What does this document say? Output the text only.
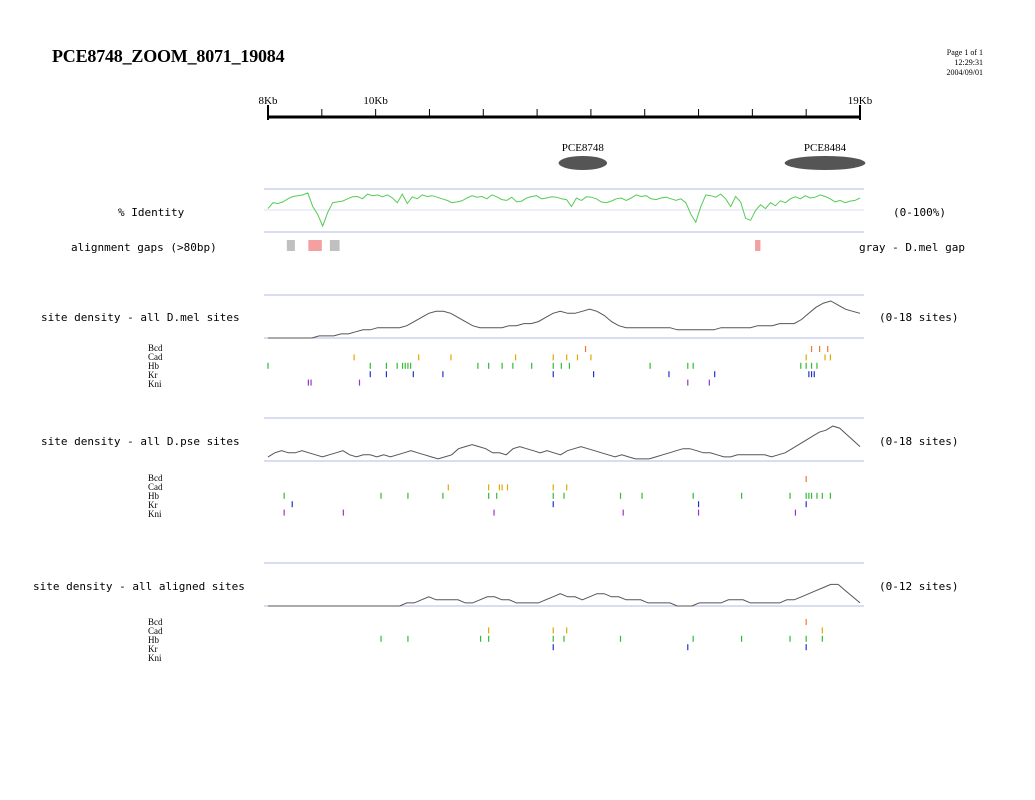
PCE8748_ZOOM_8071_19084	Page 1 of 1
12:29:31
2004/09/01
8Kb	10Kb	19Kb
PCE8748	PCE8484
% Identity	(0-100%)
alignment gaps (>80bp)	gray - D.mel gap
site density - all D.mel sites	(0-18 sites)
Bcd
Cad
Hb
Kr
Kni
site density - all D.pse sites	(0-18 sites)
Bcd
Cad
Hb
Kr
Kni
site density - all aligned sites	(0-12 sites)
Bcd
Cad
Hb
Kr
Kni
